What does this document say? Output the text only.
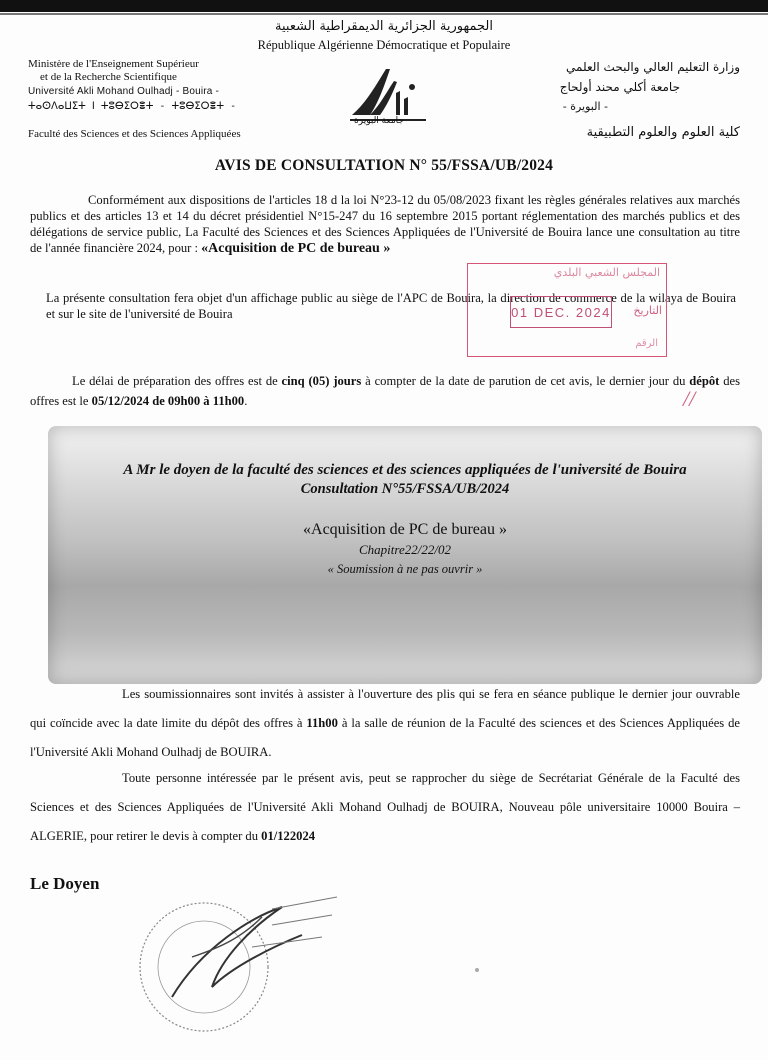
الجمهورية الجزائرية الديمقراطية الشعبية
République Algérienne Démocratique et Populaire
Ministère de l'Enseignement Supérieur
et de la Recherche Scientifique
Université Akli Mohand Oulhadj - Bouira -
ⵜⴰⵙⴷⴰⵡⵉⵜ ⵏ ⵜⵓⴱⵉⵔⴻⵜ - ⵜⵓⴱⵉⵔⴻⵜ -
Faculté des Sciences et des Sciences Appliquées
وزارة التعليم العالي والبحث العلمي
جامعة أكلي محند أولحاج
- البويرة -
كلية العلوم والعلوم التطبيقية
جامعة البويرة
AVIS DE CONSULTATION N° 55/FSSA/UB/2024
Conformément aux dispositions de l'articles 18 d la loi N°23-12 du 05/08/2023 fixant les règles générales relatives aux marchés publics et des articles 13 et 14 du décret présidentiel N°15-247 du 16 septembre 2015 portant réglementation des marchés publics et des délégations de service public, La Faculté des Sciences et des Sciences Appliquées de l'Université de Bouira lance une consultation au titre de l'année financière 2024, pour : «Acquisition de PC de bureau »
La présente consultation fera objet d'un affichage public au siège de l'APC de Bouira, la direction de commerce de la wilaya de Bouira et sur le site de l'université de Bouira
المجلس الشعبي البلدي
01 DEC. 2024 التاريخ
الرقم
//
Le délai de préparation des offres est de cinq (05) jours à compter de la date de parution de cet avis, le dernier jour du dépôt des offres est le 05/12/2024 de 09h00 à 11h00.
A Mr le doyen de la faculté des sciences et des sciences appliquées de l'université de Bouira
Consultation N°55/FSSA/UB/2024
«Acquisition de PC de bureau »
Chapitre22/22/02
« Soumission à ne pas ouvrir »
Les soumissionnaires sont invités à assister à l'ouverture des plis qui se fera en séance publique le dernier jour ouvrable qui coïncide avec la date limite du dépôt des offres à 11h00 à la salle de réunion de la Faculté des sciences et des Sciences Appliquées de l'Université Akli Mohand Oulhadj de BOUIRA.
Toute personne intéressée par le présent avis, peut se rapprocher du siège de Secrétariat Générale de la Faculté des Sciences et des Sciences Appliquées de l'Université Akli Mohand Oulhadj de BOUIRA, Nouveau pôle universitaire 10000 Bouira –ALGERIE, pour retirer le devis à compter du 01/122024
Le Doyen
